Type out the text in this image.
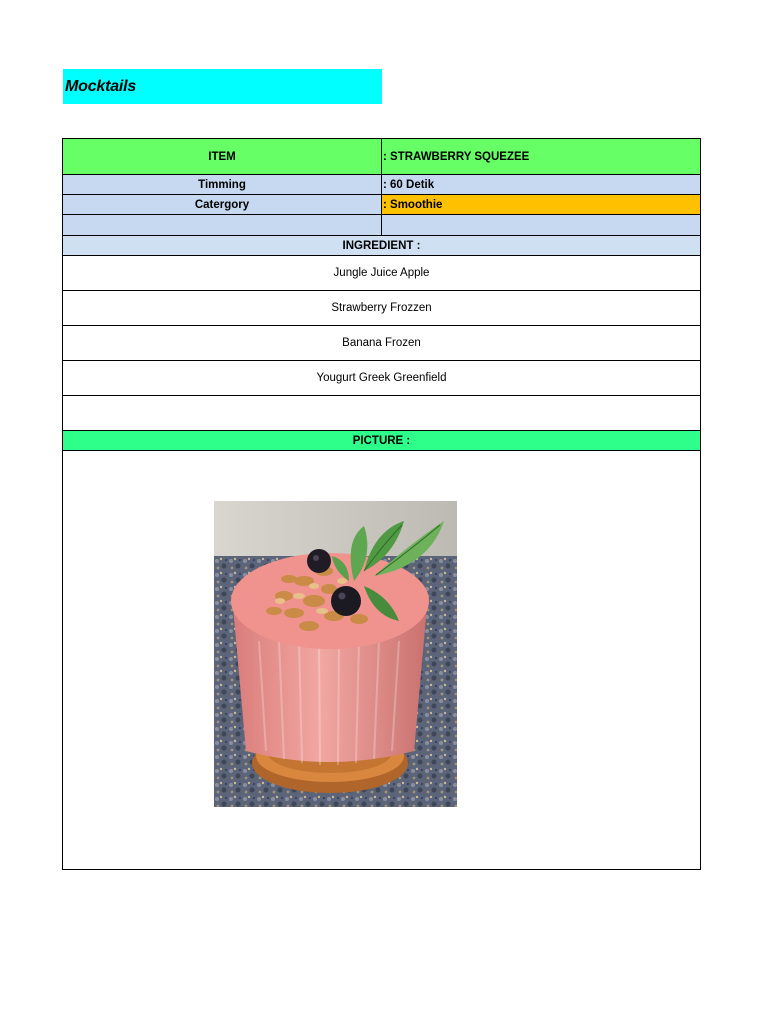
Mocktails
ITEM	: STRAWBERRY SQUEZEE
Timming	: 60 Detik
Catergory	: Smoothie
INGREDIENT :
Jungle Juice Apple
Strawberry Frozzen
Banana Frozen
Yougurt Greek Greenfield
PICTURE :
